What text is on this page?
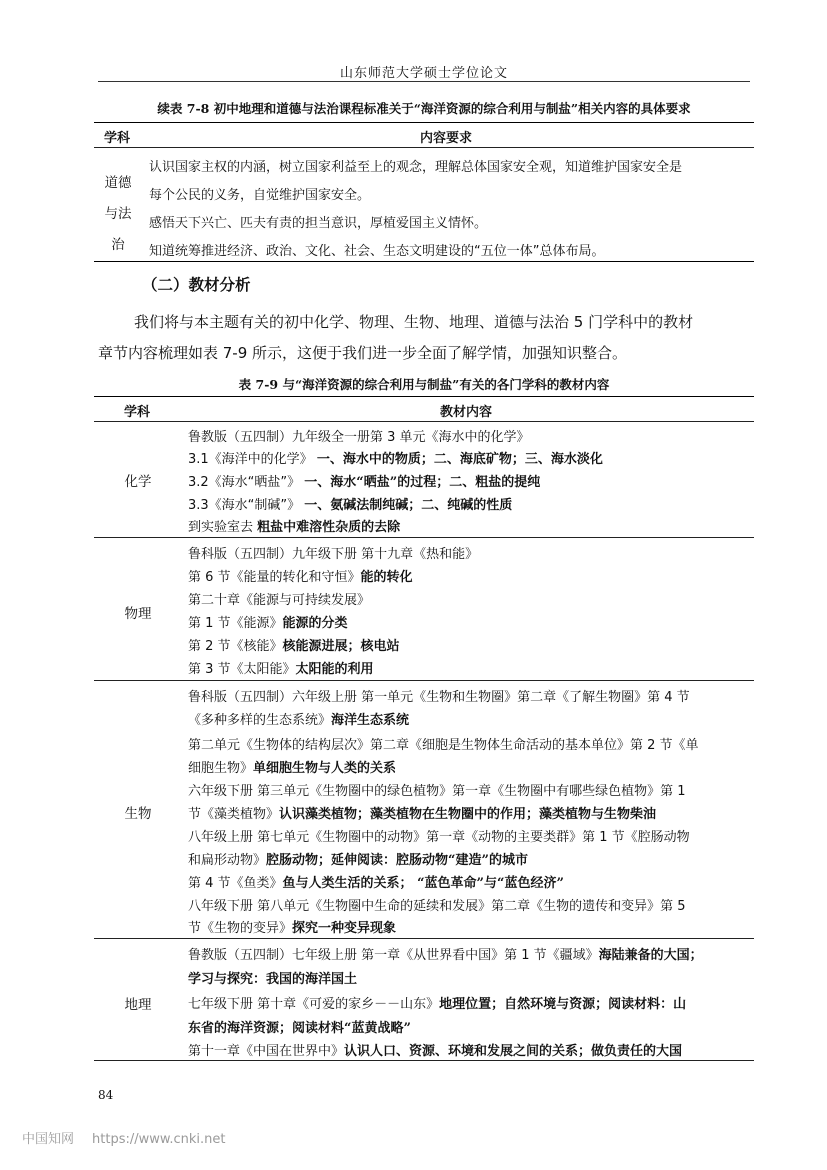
山东师范大学硕士学位论文
续表 7-8 初中地理和道德与法治课程标准关于“海洋资源的综合利用与制盐”相关内容的具体要求
学科	内容要求
道德
与法
治
认识国家主权的内涵，树立国家利益至上的观念，理解总体国家安全观，知道维护国家安全是
每个公民的义务，自觉维护国家安全。
感悟天下兴亡、匹夫有责的担当意识，厚植爱国主义情怀。
知道统筹推进经济、政治、文化、社会、生态文明建设的“五位一体”总体布局。
（二）教材分析
我们将与本主题有关的初中化学、物理、生物、地理、道德与法治 5 门学科中的教材
章节内容梳理如表 7-9 所示，这便于我们进一步全面了解学情，加强知识整合。
表 7-9 与“海洋资源的综合利用与制盐”有关的各门学科的教材内容
学科	教材内容
化学
鲁教版（五四制）九年级全一册第 3 单元《海水中的化学》
3.1《海洋中的化学》 一、海水中的物质；二、海底矿物；三、海水淡化
3.2《海水“晒盐”》 一、海水“晒盐”的过程；二、粗盐的提纯
3.3《海水“制碱”》 一、氨碱法制纯碱；二、纯碱的性质
到实验室去 粗盐中难溶性杂质的去除
物理
鲁科版（五四制）九年级下册 第十九章《热和能》
第 6 节《能量的转化和守恒》能的转化
第二十章《能源与可持续发展》
第 1 节《能源》能源的分类
第 2 节《核能》核能源进展；核电站
第 3 节《太阳能》太阳能的利用
生物
鲁科版（五四制）六年级上册 第一单元《生物和生物圈》第二章《了解生物圈》第 4 节
《多种多样的生态系统》海洋生态系统
第二单元《生物体的结构层次》第二章《细胞是生物体生命活动的基本单位》第 2 节《单
细胞生物》单细胞生物与人类的关系
六年级下册 第三单元《生物圈中的绿色植物》第一章《生物圈中有哪些绿色植物》第 1
节《藻类植物》认识藻类植物；藻类植物在生物圈中的作用；藻类植物与生物柴油
八年级上册 第七单元《生物圈中的动物》第一章《动物的主要类群》第 1 节《腔肠动物
和扁形动物》腔肠动物；延伸阅读：腔肠动物“建造”的城市
第 4 节《鱼类》鱼与人类生活的关系； “蓝色革命”与“蓝色经济”
八年级下册 第八单元《生物圈中生命的延续和发展》第二章《生物的遗传和变异》第 5
节《生物的变异》探究一种变异现象
地理
鲁教版（五四制）七年级上册 第一章《从世界看中国》第 1 节《疆域》海陆兼备的大国；
学习与探究：我国的海洋国土
七年级下册 第十章《可爱的家乡－－山东》地理位置；自然环境与资源；阅读材料：山
东省的海洋资源；阅读材料“蓝黄战略”
第十一章《中国在世界中》认识人口、资源、环境和发展之间的关系；做负责任的大国
84
中国知网 https://www.cnki.net
